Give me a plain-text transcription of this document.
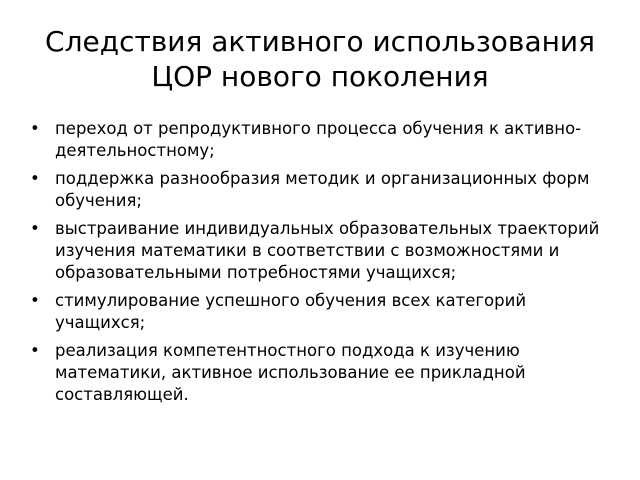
Следствия активного использования
ЦОР нового поколения
• переход от репродуктивного процесса обучения к активно-деятельностному;
• поддержка разнообразия методик и организационных форм обучения;
• выстраивание индивидуальных образовательных траекторий изучения математики в соответствии с возможностями и образовательными потребностями учащихся;
• стимулирование успешного обучения всех категорий учащихся;
• реализация компетентностного подхода к изучению математики, активное использование ее прикладной составляющей.
